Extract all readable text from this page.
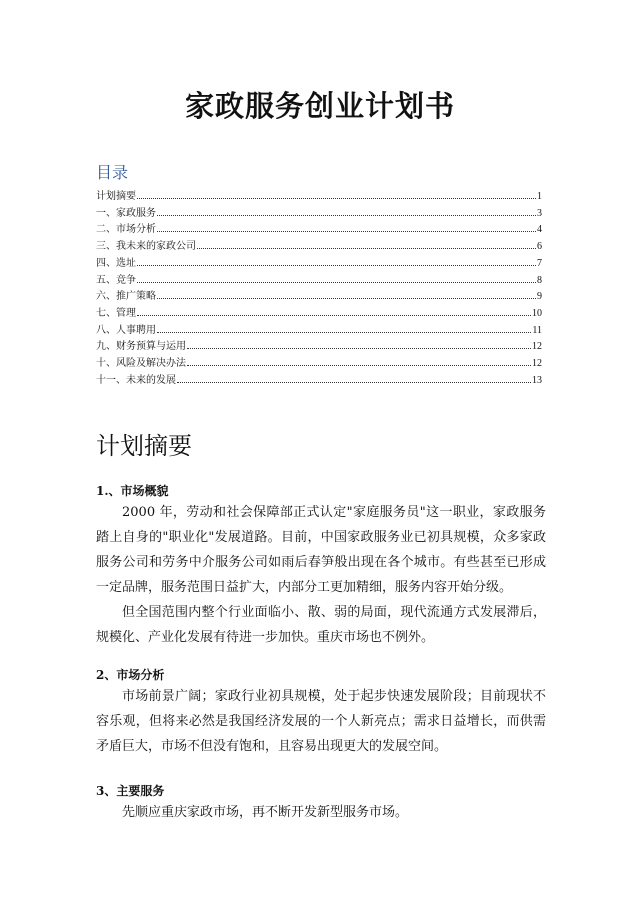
家政服务创业计划书
目录
计划摘要	1
一、家政服务	3
二、市场分析	4
三、我未来的家政公司	6
四、选址	7
五、竞争	8
六、推广策略	9
七、管理	10
八、人事聘用	11
九、财务预算与运用	12
十、风险及解决办法	12
十一、未来的发展	13
计划摘要
1.、市场概貌

2000 年，劳动和社会保障部正式认定"家庭服务员"这一职业，家政服务踏上自身的"职业化"发展道路。目前，中国家政服务业已初具规模，众多家政服务公司和劳务中介服务公司如雨后春笋般出现在各个城市。有些甚至已形成一定品牌，服务范围日益扩大，内部分工更加精细，服务内容开始分级。

但全国范围内整个行业面临小、散、弱的局面，现代流通方式发展滞后，规模化、产业化发展有待进一步加快。重庆市场也不例外。

2、市场分析

市场前景广阔；家政行业初具规模，处于起步快速发展阶段；目前现状不容乐观，但将来必然是我国经济发展的一个人新亮点；需求日益增长，而供需矛盾巨大，市场不但没有饱和，且容易出现更大的发展空间。

3、主要服务

先顺应重庆家政市场，再不断开发新型服务市场。
